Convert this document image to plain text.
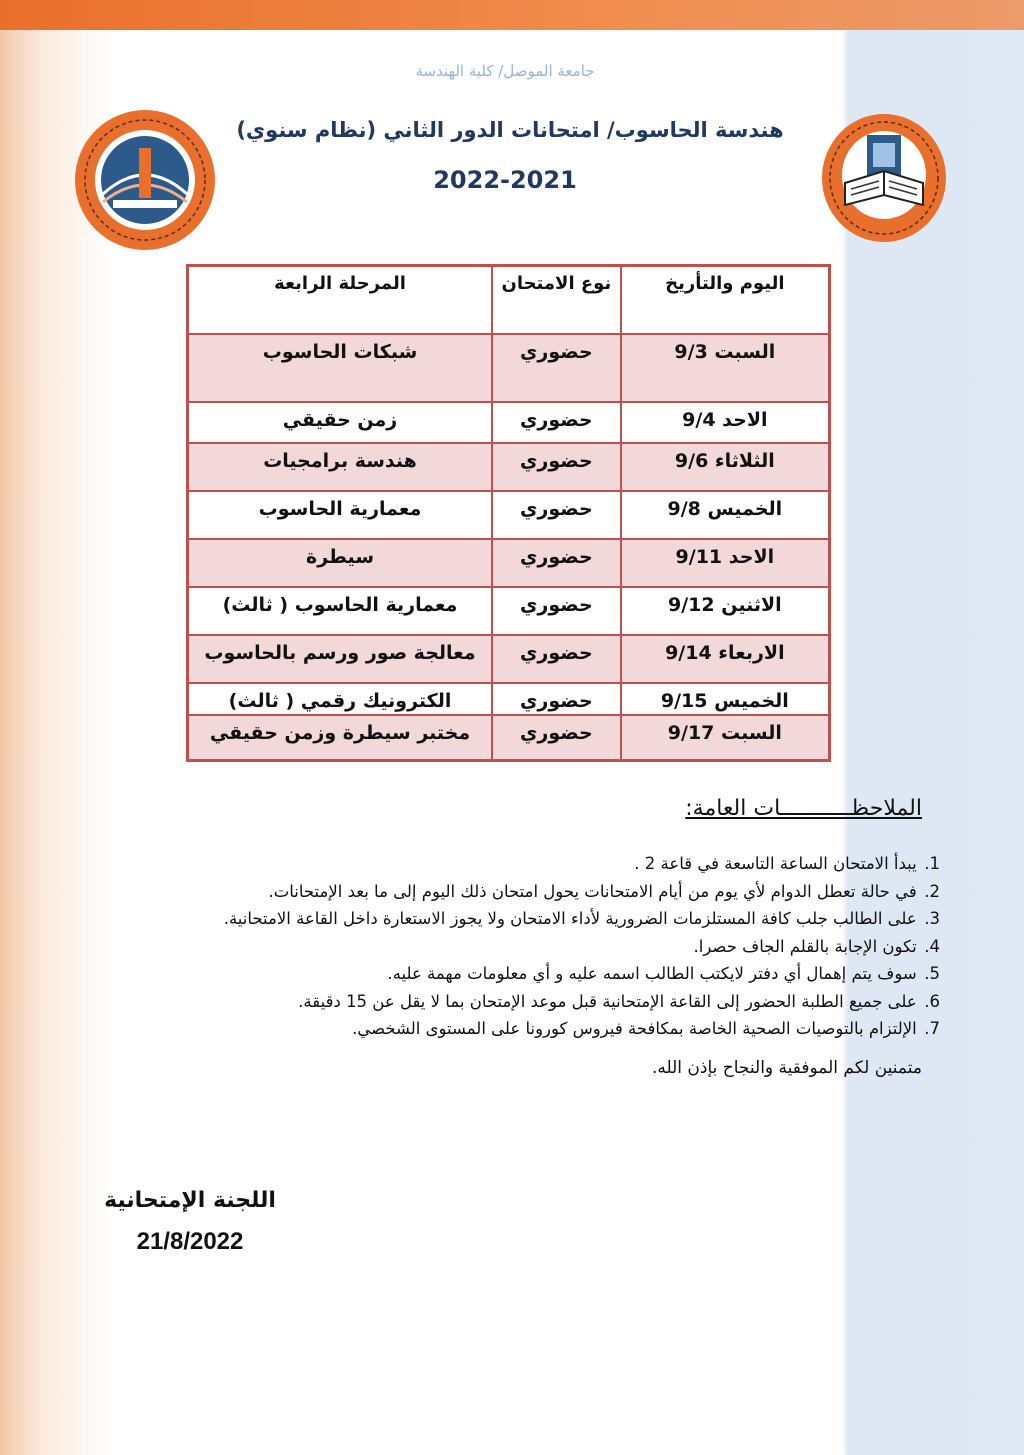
جامعة الموصل/ كلية الهندسة
هندسة الحاسوب/ امتحانات الدور الثاني (نظام سنوي)
2022-2021
اليوم والتأريخ	نوع الامتحان	المرحلة الرابعة
السبت 9/3	حضوري	شبكات الحاسوب
الاحد 9/4	حضوري	زمن حقيقي
الثلاثاء 9/6	حضوري	هندسة برامجيات
الخميس 9/8	حضوري	معمارية الحاسوب
الاحد 9/11	حضوري	سيطرة
الاثنين 9/12	حضوري	معمارية الحاسوب ( ثالث)
الاربعاء 9/14	حضوري	معالجة صور ورسم بالحاسوب
الخميس 9/15	حضوري	الكترونيك رقمي ( ثالث)
السبت 9/17	حضوري	مختبر سيطرة وزمن حقيقي
الملاحظـــــــــــات العامة:
1. يبدأ الامتحان الساعة التاسعة في قاعة 2 .
2. في حالة تعطل الدوام لأي يوم من أيام الامتحانات يحول امتحان ذلك اليوم إلى ما بعد الإمتحانات.
3. على الطالب جلب كافة المستلزمات الضرورية لأداء الامتحان ولا يجوز الاستعارة داخل القاعة الامتحانية.
4. تكون الإجابة بالقلم الجاف حصرا.
5. سوف يتم إهمال أي دفتر لايكتب الطالب اسمه عليه و أي معلومات مهمة عليه.
6. على جميع الطلبة الحضور إلى القاعة الإمتحانية قبل موعد الإمتحان بما لا يقل عن 15 دقيقة.
7. الإلتزام بالتوصيات الصحية الخاصة بمكافحة فيروس كورونا على المستوى الشخصي.
متمنين لكم الموفقية والنجاح بإذن الله.
اللجنة الإمتحانية
21/8/2022
